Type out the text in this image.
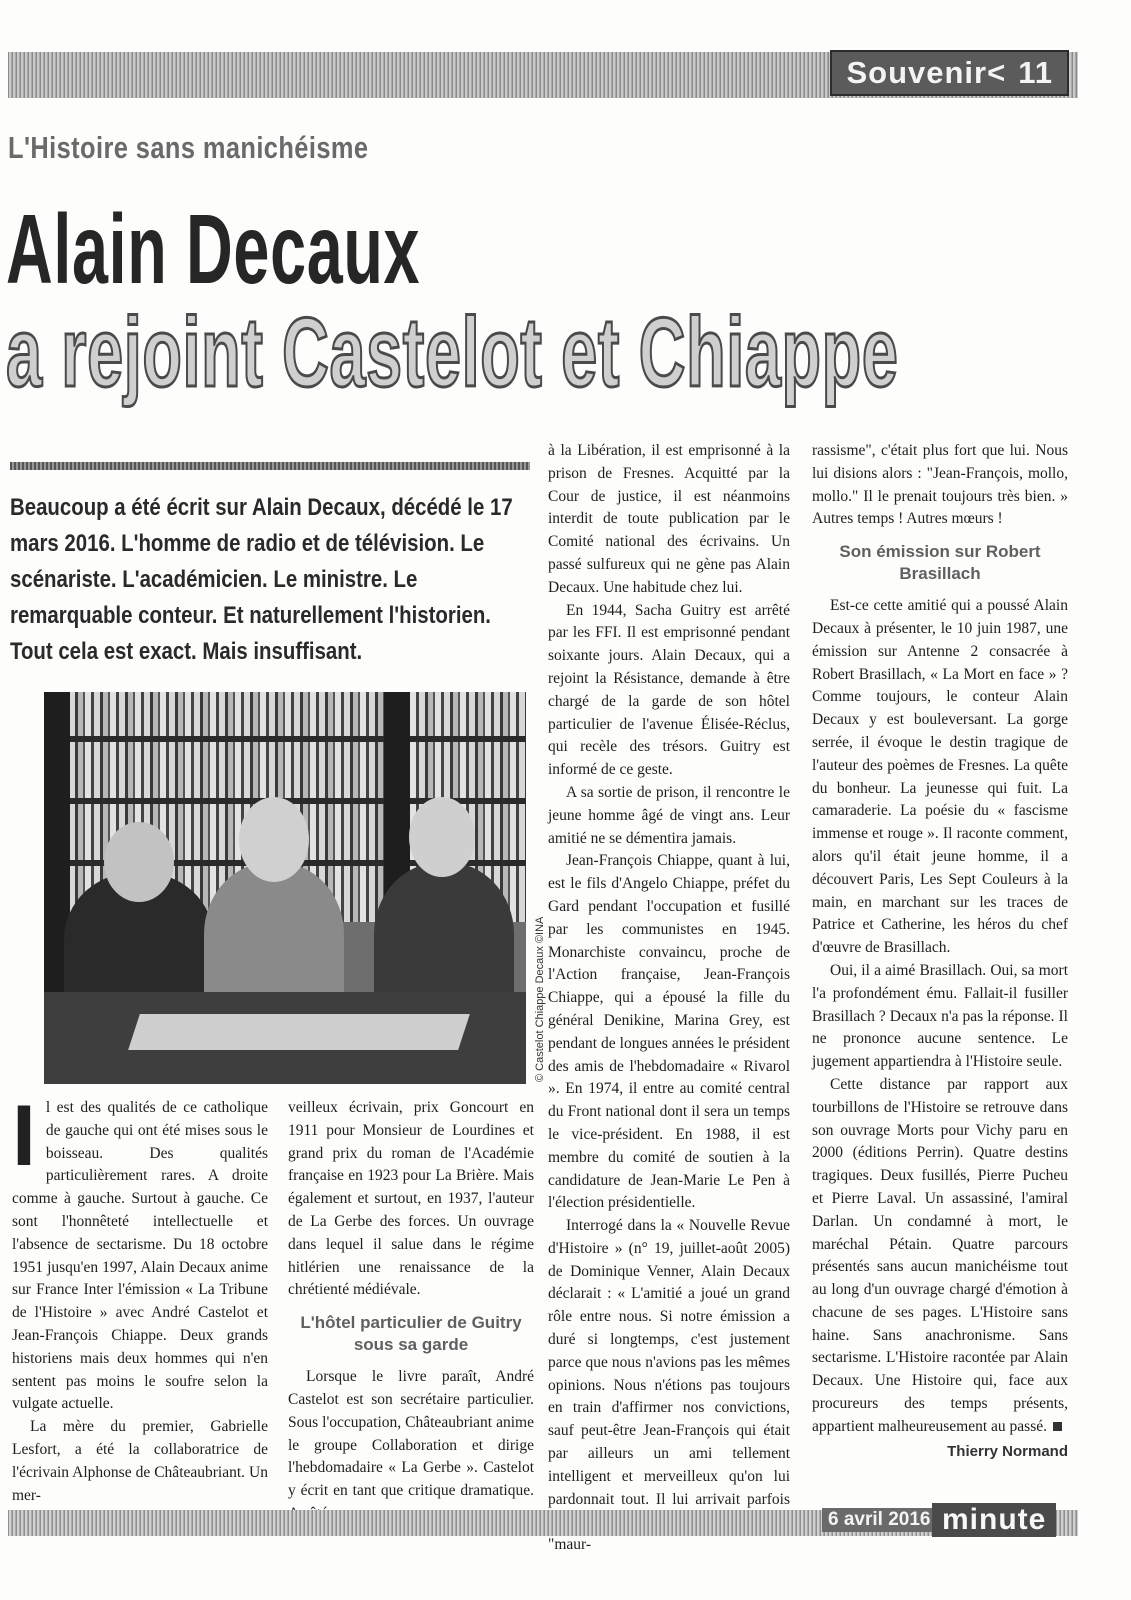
Souvenir< 11
L'Histoire sans manichéisme
Alain Decaux
a rejoint Castelot et Chiappe
Beaucoup a été écrit sur Alain Decaux, décédé le 17 mars 2016. L'homme de radio et de télévision. Le scénariste. L'académicien. Le ministre. Le remarquable conteur. Et naturellement l'historien. Tout cela est exact. Mais insuffisant.
© Castelot Chiappe Decaux ©INA

Il est des qualités de ce catholique de gauche qui ont été mises sous le boisseau. Des qualités particulièrement rares. A droite comme à gauche. Surtout à gauche. Ce sont l'honnêteté intellectuelle et l'absence de sectarisme. Du 18 octobre 1951 jusqu'en 1997, Alain Decaux anime sur France Inter l'émission « La Tribune de l'Histoire » avec André Castelot et Jean-François Chiappe. Deux grands historiens mais deux hommes qui n'en sentent pas moins le soufre selon la vulgate actuelle.

La mère du premier, Gabrielle Lesfort, a été la collaboratrice de l'écrivain Alphonse de Châteaubriant. Un mer-

veilleux écrivain, prix Goncourt en 1911 pour Monsieur de Lourdines et grand prix du roman de l'Académie française en 1923 pour La Brière. Mais également et surtout, en 1937, l'auteur de La Gerbe des forces. Un ouvrage dans lequel il salue dans le régime hitlérien une renaissance de la chrétienté médiévale.

L'hôtel particulier de Guitry sous sa garde

Lorsque le livre paraît, André Castelot est son secrétaire particulier. Sous l'occupation, Châteaubriant anime le groupe Collaboration et dirige l'hebdomadaire « La Gerbe ». Castelot y écrit en tant que critique dramatique.

à la Libération, il est emprisonné à la prison de Fresnes. Acquitté par la Cour de justice, il est néanmoins interdit de toute publication par le Comité national des écrivains. Un passé sulfureux qui ne gène pas Alain Decaux. Une habitude chez lui.

En 1944, Sacha Guitry est arrêté par les FFI. Il est emprisonné pendant soixante jours. Alain Decaux, qui a rejoint la Résistance, demande à être chargé de la garde de son hôtel particulier de l'avenue Élisée-Réclus, qui recèle des trésors. Guitry est informé de ce geste.

A sa sortie de prison, il rencontre le jeune homme âgé de vingt ans. Leur amitié ne se démentira jamais.

Jean-François Chiappe, quant à lui, est le fils d'Angelo Chiappe, préfet du Gard pendant l'occupation et fusillé par les communistes en 1945. Monarchiste convaincu, proche de l'Action française, Jean-François Chiappe, qui a épousé la fille du général Denikine, Marina Grey, est pendant de longues années le président des amis de l'hebdomadaire « Rivarol ». En 1974, il entre au comité central du Front national dont il sera un temps le vice-président. En 1988, il est membre du comité de soutien à la candidature de Jean-Marie Le Pen à l'élection présidentielle.

Interrogé dans la « Nouvelle Revue d'Histoire » (n° 19, juillet-août 2005) de Dominique Venner, Alain Decaux déclarait : « L'amitié a joué un grand rôle entre nous. Si notre émission a duré si longtemps, c'est justement parce que nous n'avions pas les mêmes opinions. Nous n'étions pas toujours en train d'affirmer nos convictions, sauf peut-être Jean-François qui était par ailleurs un ami tellement intelligent et merveilleux qu'on lui pardonnait tout. Il lui arrivait parfois "maur-

rassisme", c'était plus fort que lui. Nous lui disions alors : "Jean-François, mollo, mollo." Il le prenait toujours très bien. » Autres temps ! Autres mœurs !

Son émission sur Robert Brasillach

Est-ce cette amitié qui a poussé Alain Decaux à présenter, le 10 juin 1987, une émission sur Antenne 2 consacrée à Robert Brasillach, « La Mort en face » ? Comme toujours, le conteur Alain Decaux y est bouleversant. La gorge serrée, il évoque le destin tragique de l'auteur des poèmes de Fresnes. La quête du bonheur. La jeunesse qui fuit. La camaraderie. La poésie du « fascisme immense et rouge ». Il raconte comment, alors qu'il était jeune homme, il a découvert Paris, Les Sept Couleurs à la main, en marchant sur les traces de Patrice et Catherine, les héros du chef d'œuvre de Brasillach.

Oui, il a aimé Brasillach. Oui, sa mort l'a profondément ému. Fallait-il fusiller Brasillach ? Decaux n'a pas la réponse. Il ne prononce aucune sentence. Le jugement appartiendra à l'Histoire seule.

Cette distance par rapport aux tourbillons de l'Histoire se retrouve dans son ouvrage Morts pour Vichy paru en 2000 (éditions Perrin). Quatre destins tragiques. Deux fusillés, Pierre Pucheu et Pierre Laval. Un assassiné, l'amiral Darlan. Un condamné à mort, le maréchal Pétain. Quatre parcours présentés sans aucun manichéisme tout au long d'un ouvrage chargé d'émotion à chacune de ses pages. L'Histoire sans haine. Sans anachronisme. Sans sectarisme. L'Histoire racontée par Alain Decaux. Une Histoire qui, face aux procureurs des temps présents, appartient malheureusement au passé.

Thierry Normand
6 avril 2016 minute
